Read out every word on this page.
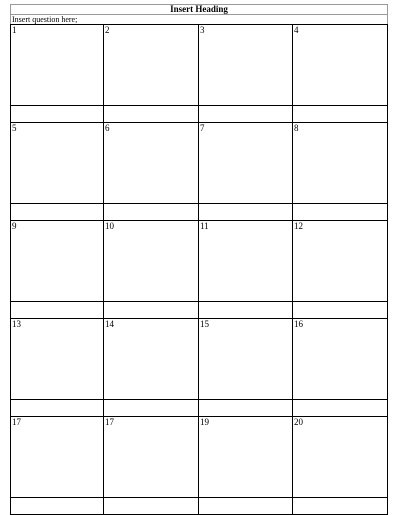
Insert Heading
Insert question here;
1	2	3	4
5	6	7	8
9	10	11	12
13	14	15	16
17	17	19	20
